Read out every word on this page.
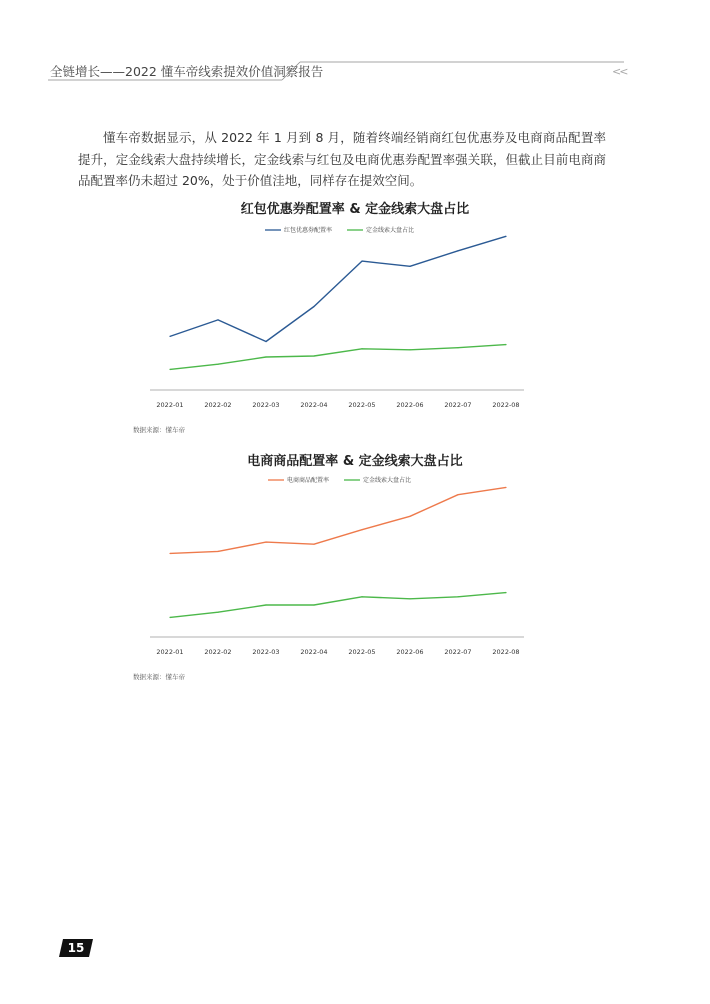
全链增长——2022 懂车帝线索提效价值洞察报告	<<
懂车帝数据显示，从 2022 年 1 月到 8 月，随着终端经销商红包优惠券及电商商品配置率提升，定金线索大盘持续增长，定金线索与红包及电商优惠券配置率强关联，但截止目前电商商品配置率仍未超过 20%，处于价值洼地，同样存在提效空间。
红包优惠券配置率 & 定金线索大盘占比
红包优惠券配置率	定金线索大盘占比
2022-01	2022-02	2022-03	2022-04	2022-05	2022-06	2022-07	2022-08
数据来源：懂车帝
电商商品配置率 & 定金线索大盘占比
电商商品配置率	定金线索大盘占比
2022-01	2022-02	2022-03	2022-04	2022-05	2022-06	2022-07	2022-08
数据来源：懂车帝
15
